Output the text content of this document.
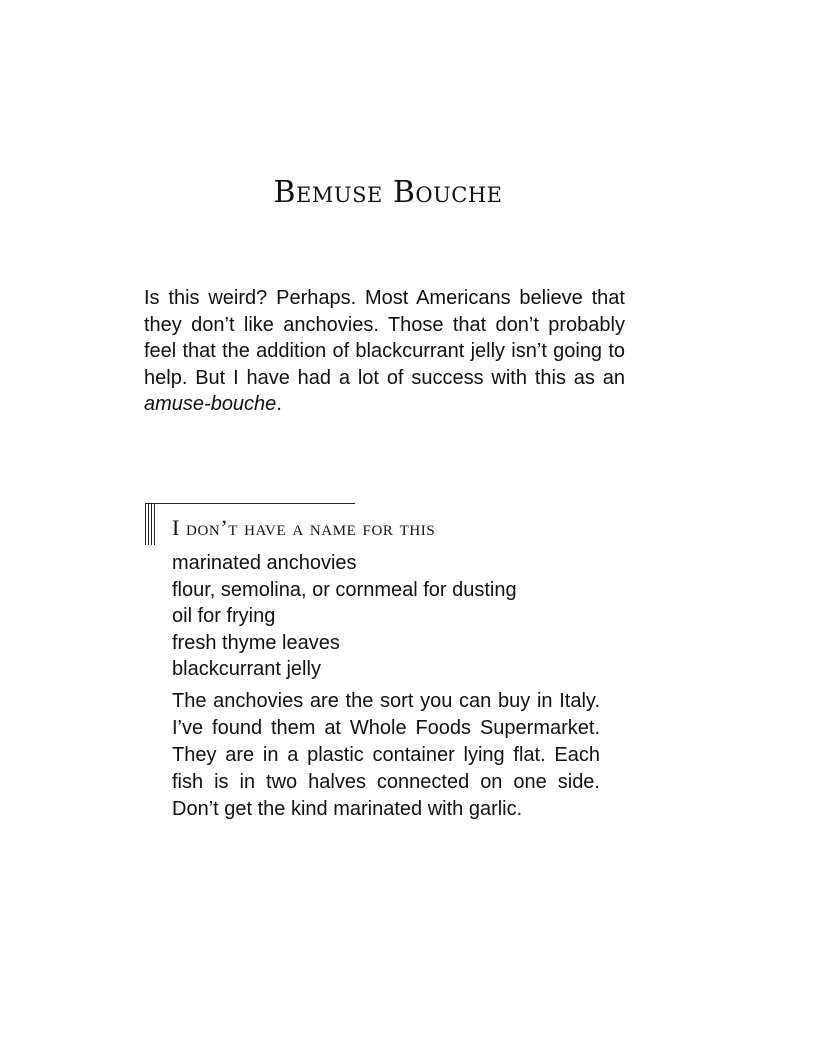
Bemuse Bouche

Is this weird? Perhaps. Most Americans believe that they don’t like anchovies. Those that don’t probably feel that the addition of blackcurrant jelly isn’t going to help. But I have had a lot of success with this as an amuse-bouche.

I don’t have a name for this
marinated anchovies
flour, semolina, or cornmeal for dusting
oil for frying
fresh thyme leaves
blackcurrant jelly

The anchovies are the sort you can buy in Italy. I’ve found them at Whole Foods Supermarket. They are in a plastic container lying flat. Each fish is in two halves connected on one side. Don’t get the kind marinated with garlic.
